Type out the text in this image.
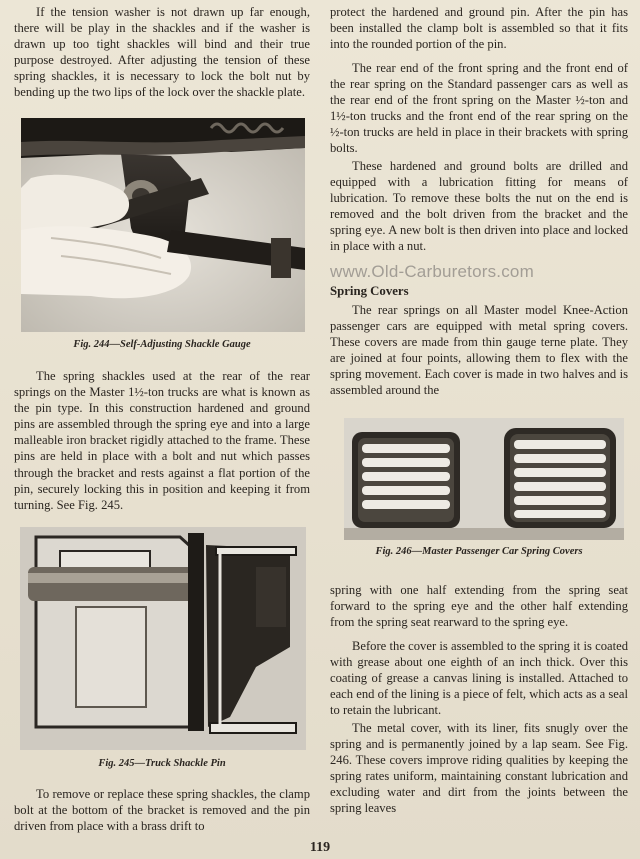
If the tension washer is not drawn up far enough, there will be play in the shackles and if the washer is drawn up too tight shackles will bind and their true purpose destroyed. After adjusting the tension of these spring shackles, it is necessary to lock the bolt nut by bending up the two lips of the lock over the shackle plate.

Fig. 244—Self-Adjusting Shackle Gauge

The spring shackles used at the rear of the rear springs on the Master 1½-ton trucks are what is known as the pin type. In this construction hardened and ground pins are assembled through the spring eye and into a large malleable iron bracket rigidly attached to the frame. These pins are held in place with a bolt and nut which passes through the bracket and rests against a flat portion of the pin, securely locking this in position and keeping it from turning. See Fig. 245.

Fig. 245—Truck Shackle Pin

To remove or replace these spring shackles, the clamp bolt at the bottom of the bracket is removed and the pin driven from place with a brass drift to

protect the hardened and ground pin. After the pin has been installed the clamp bolt is assembled so that it fits into the rounded portion of the pin.

The rear end of the front spring and the front end of the rear spring on the Standard passenger cars as well as the rear end of the front spring on the Master ½-ton and 1½-ton trucks and the front end of the rear spring on the ½-ton trucks are held in place in their brackets with spring bolts.

These hardened and ground bolts are drilled and equipped with a lubrication fitting for means of lubrication. To remove these bolts the nut on the end is removed and the bolt driven from the bracket and the spring eye. A new bolt is then driven into place and locked in place with a nut.

www.Old-Carburetors.com

Spring Covers

The rear springs on all Master model Knee-Action passenger cars are equipped with metal spring covers. These covers are made from thin gauge terne plate. They are joined at four points, allowing them to flex with the spring movement. Each cover is made in two halves and is assembled around the

Fig. 246—Master Passenger Car Spring Covers

spring with one half extending from the spring seat forward to the spring eye and the other half extending from the spring seat rearward to the spring eye.

Before the cover is assembled to the spring it is coated with grease about one eighth of an inch thick. Over this coating of grease a canvas lining is installed. Attached to each end of the lining is a piece of felt, which acts as a seal to retain the lubricant.

The metal cover, with its liner, fits snugly over the spring and is permanently joined by a lap seam. See Fig. 246. These covers improve riding qualities by keeping the spring rates uniform, maintaining constant lubrication and excluding water and dirt from the joints between the spring leaves

119
